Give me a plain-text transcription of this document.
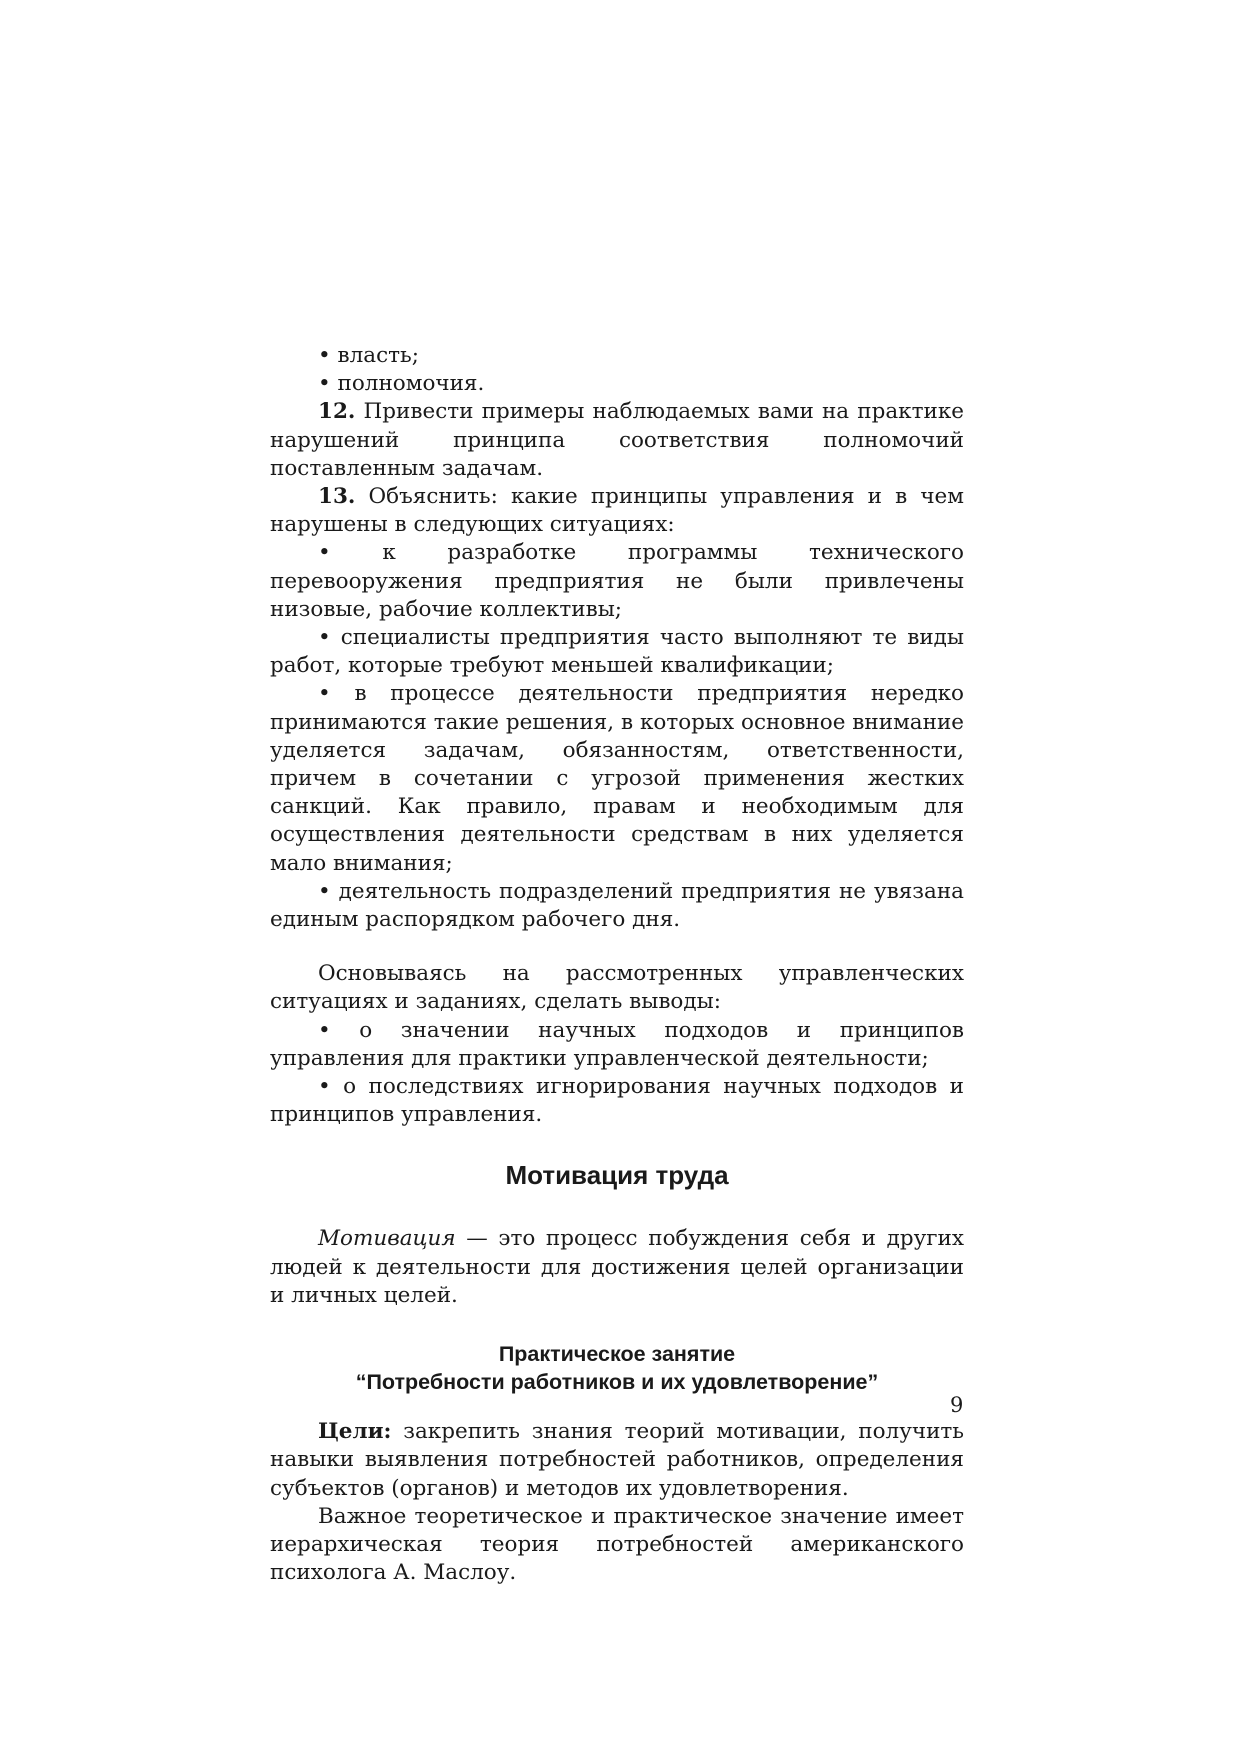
• власть;

• полномочия.

12. Привести примеры наблюдаемых вами на практике нарушений принципа соответствия полномочий поставленным задачам.

13. Объяснить: какие принципы управления и в чем нарушены в следующих ситуациях:

• к разработке программы технического перевооружения предприятия не были привлечены низовые, рабочие коллективы;

• специалисты предприятия часто выполняют те виды работ, которые требуют меньшей квалификации;

• в процессе деятельности предприятия нередко принимаются такие решения, в которых основное внимание уделяется задачам, обязанностям, ответственности, причем в сочетании с угрозой применения жестких санкций. Как правило, правам и необходимым для осуществления деятельности средствам в них уделяется мало внимания;

• деятельность подразделений предприятия не увязана единым распорядком рабочего дня.

Основываясь на рассмотренных управленческих ситуациях и заданиях, сделать выводы:

• о значении научных подходов и принципов управления для практики управленческой деятельности;

• о последствиях игнорирования научных подходов и принципов управления.

Мотивация труда

Мотивация — это процесс побуждения себя и других людей к деятельности для достижения целей организации и личных целей.

Практическое занятие
“Потребности работников и их удовлетворение”

Цели: закрепить знания теорий мотивации, получить навыки выявления потребностей работников, определения субъектов (органов) и методов их удовлетворения.

Важное теоретическое и практическое значение имеет иерархическая теория потребностей американского психолога А. Маслоу.

9
